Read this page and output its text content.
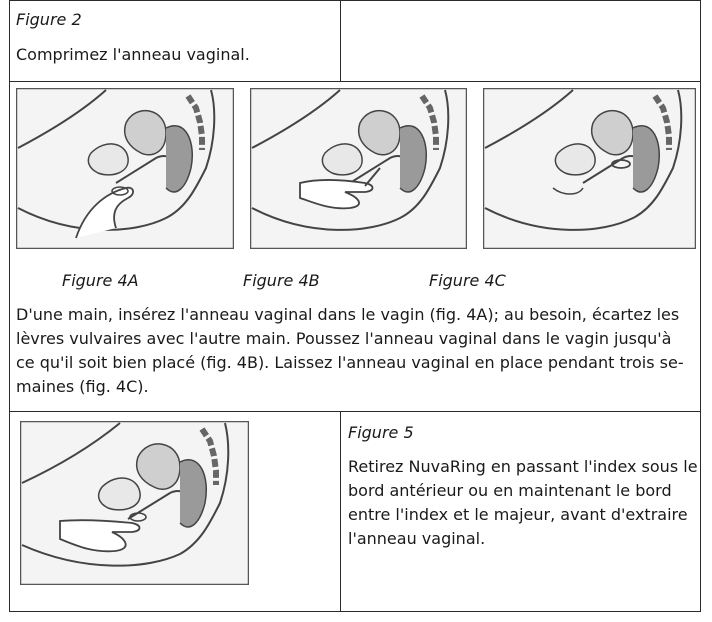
Figure 2
Comprimez l'anneau vaginal.
Figure 4A	Figure 4B	Figure 4C
D'une main, insérez l'anneau vaginal dans le vagin (fig. 4A); au besoin, écartez les lèvres vulvaires avec l'autre main. Poussez l'anneau vaginal dans le vagin jusqu'à ce qu'il soit bien placé (fig. 4B). Laissez l'anneau vaginal en place pendant trois se-maines (fig. 4C).
Figure 5
Retirez NuvaRing en passant l'index sous le bord antérieur ou en maintenant le bord entre l'index et le majeur, avant d'extraire l'anneau vaginal.
